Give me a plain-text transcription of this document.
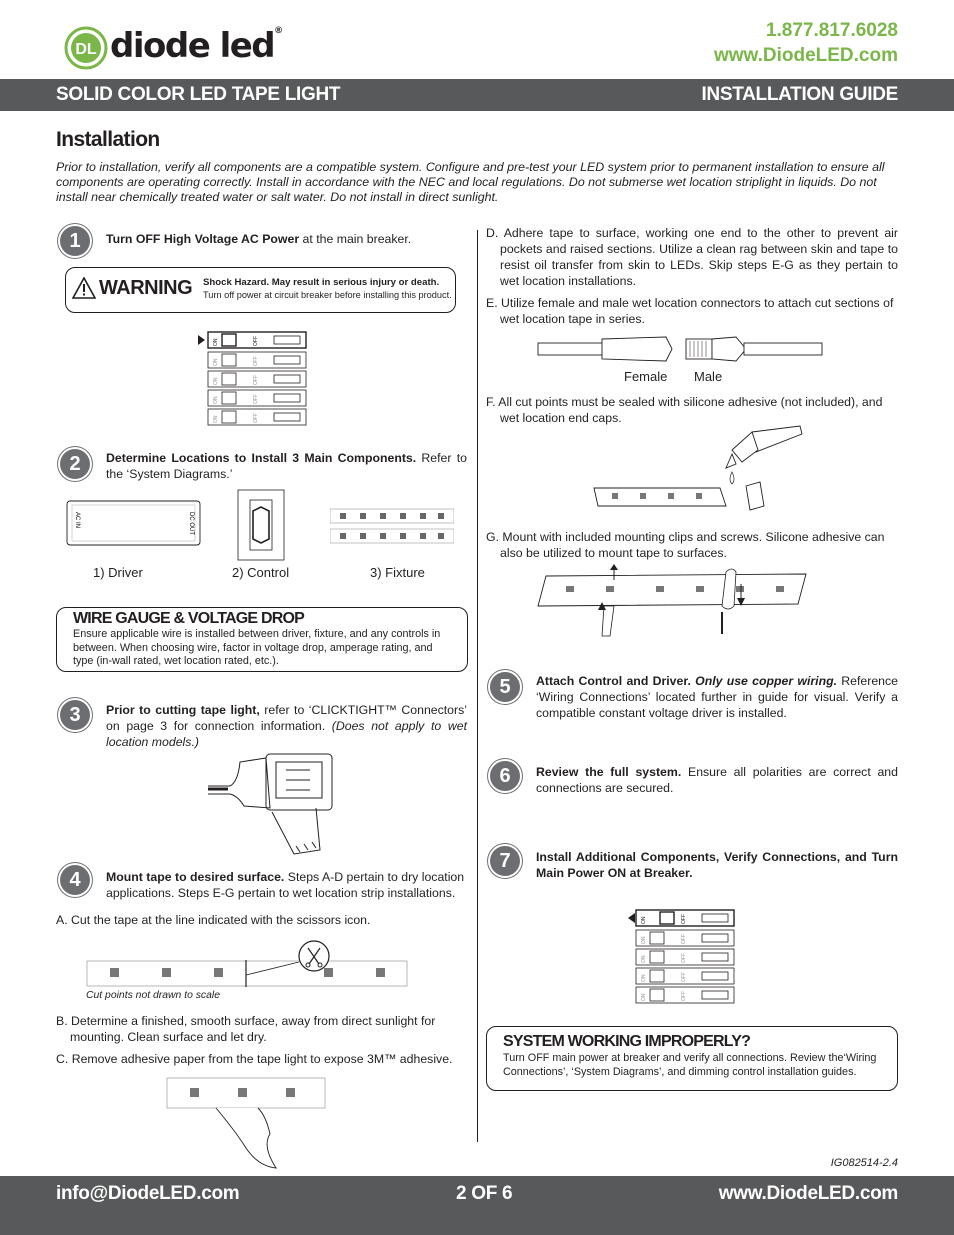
DL diode led®	1.877.817.6028
www.DiodeLED.com
SOLID COLOR LED TAPE LIGHT	INSTALLATION GUIDE
Installation

Prior to installation, verify all components are a compatible system. Configure and pre-test your LED system prior to permanent installation to ensure all components are operating correctly. Install in accordance with the NEC and local regulations. Do not submerse wet location striplight in liquids. Do not install near chemically treated water or salt water. Do not install in direct sunlight.

1	Turn OFF High Voltage AC Power at the main breaker.

WARNING Shock Hazard. May result in serious injury or death.
Turn off power at circuit breaker before installing this product.
ON	OFF
ON	OFF
ON	OFF
ON	OFF
ON	OFF
2	Determine Locations to Install 3 Main Components. Refer to the ‘System Diagrams.’

AC IN	DC OUT
1) Driver	2) Control	3) Fixture
WIRE GAUGE & VOLTAGE DROP
Ensure applicable wire is installed between driver, fixture, and any controls in between. When choosing wire, factor in voltage drop, amperage rating, and type (in-wall rated, wet location rated, etc.).
3	Prior to cutting tape light, refer to ‘CLICKTIGHT™ Connectors’ on page 3 for connection information. (Does not apply to wet location models.)

4	Mount tape to desired surface. Steps A-D pertain to dry location applications. Steps E-G pertain to wet location strip installations.

A. Cut the tape at the line indicated with the scissors icon.

Cut points not drawn to scale

B. Determine a finished, smooth surface, away from direct sunlight for mounting. Clean surface and let dry.

C. Remove adhesive paper from the tape light to expose 3M™ adhesive.

D. Adhere tape to surface, working one end to the other to prevent air pockets and raised sections. Utilize a clean rag between skin and tape to resist oil transfer from skin to LEDs. Skip steps E-G as they pertain to wet location installations.

E. Utilize female and male wet location connectors to attach cut sections of wet location tape in series.

Female Male

F. All cut points must be sealed with silicone adhesive (not included), and wet location end caps.

G. Mount with included mounting clips and screws. Silicone adhesive can also be utilized to mount tape to surfaces.

5	Attach Control and Driver. Only use copper wiring. Reference ‘Wiring Connections’ located further in guide for visual. Verify a compatible constant voltage driver is installed.

6	Review the full system. Ensure all polarities are correct and connections are secured.

7	Install Additional Components, Verify Connections, and Turn Main Power ON at Breaker.

ON	OFF
ON	OFF
ON	OFF
ON	OFF
ON	OFF
SYSTEM WORKING IMPROPERLY?
Turn OFF main power at breaker and verify all connections. Review the‘Wiring Connections’, ‘System Diagrams’, and dimming control installation guides.
IG082514-2.4
info@DiodeLED.com	2 OF 6	www.DiodeLED.com
